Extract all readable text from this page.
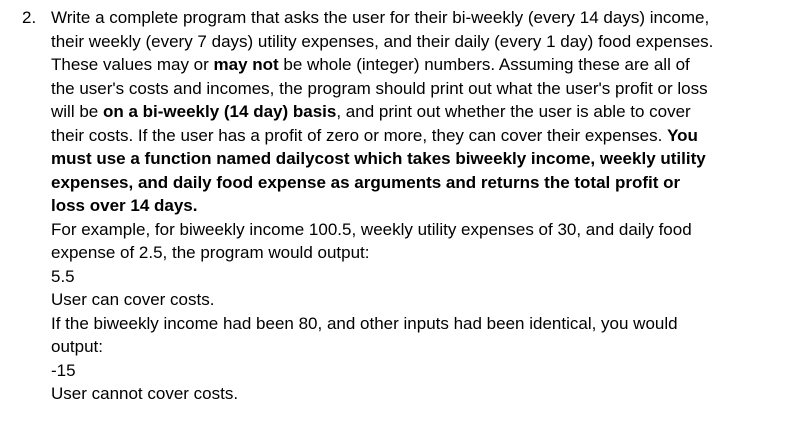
2. Write a complete program that asks the user for their bi-weekly (every 14 days) income,
their weekly (every 7 days) utility expenses, and their daily (every 1 day) food expenses.
These values may or may not be whole (integer) numbers. Assuming these are all of
the user's costs and incomes, the program should print out what the user's profit or loss
will be on a bi-weekly (14 day) basis, and print out whether the user is able to cover
their costs. If the user has a profit of zero or more, they can cover their expenses. You
must use a function named dailycost which takes biweekly income, weekly utility
expenses, and daily food expense as arguments and returns the total profit or
loss over 14 days.
For example, for biweekly income 100.5, weekly utility expenses of 30, and daily food
expense of 2.5, the program would output:
5.5
User can cover costs.
If the biweekly income had been 80, and other inputs had been identical, you would
output:
-15
User cannot cover costs.
